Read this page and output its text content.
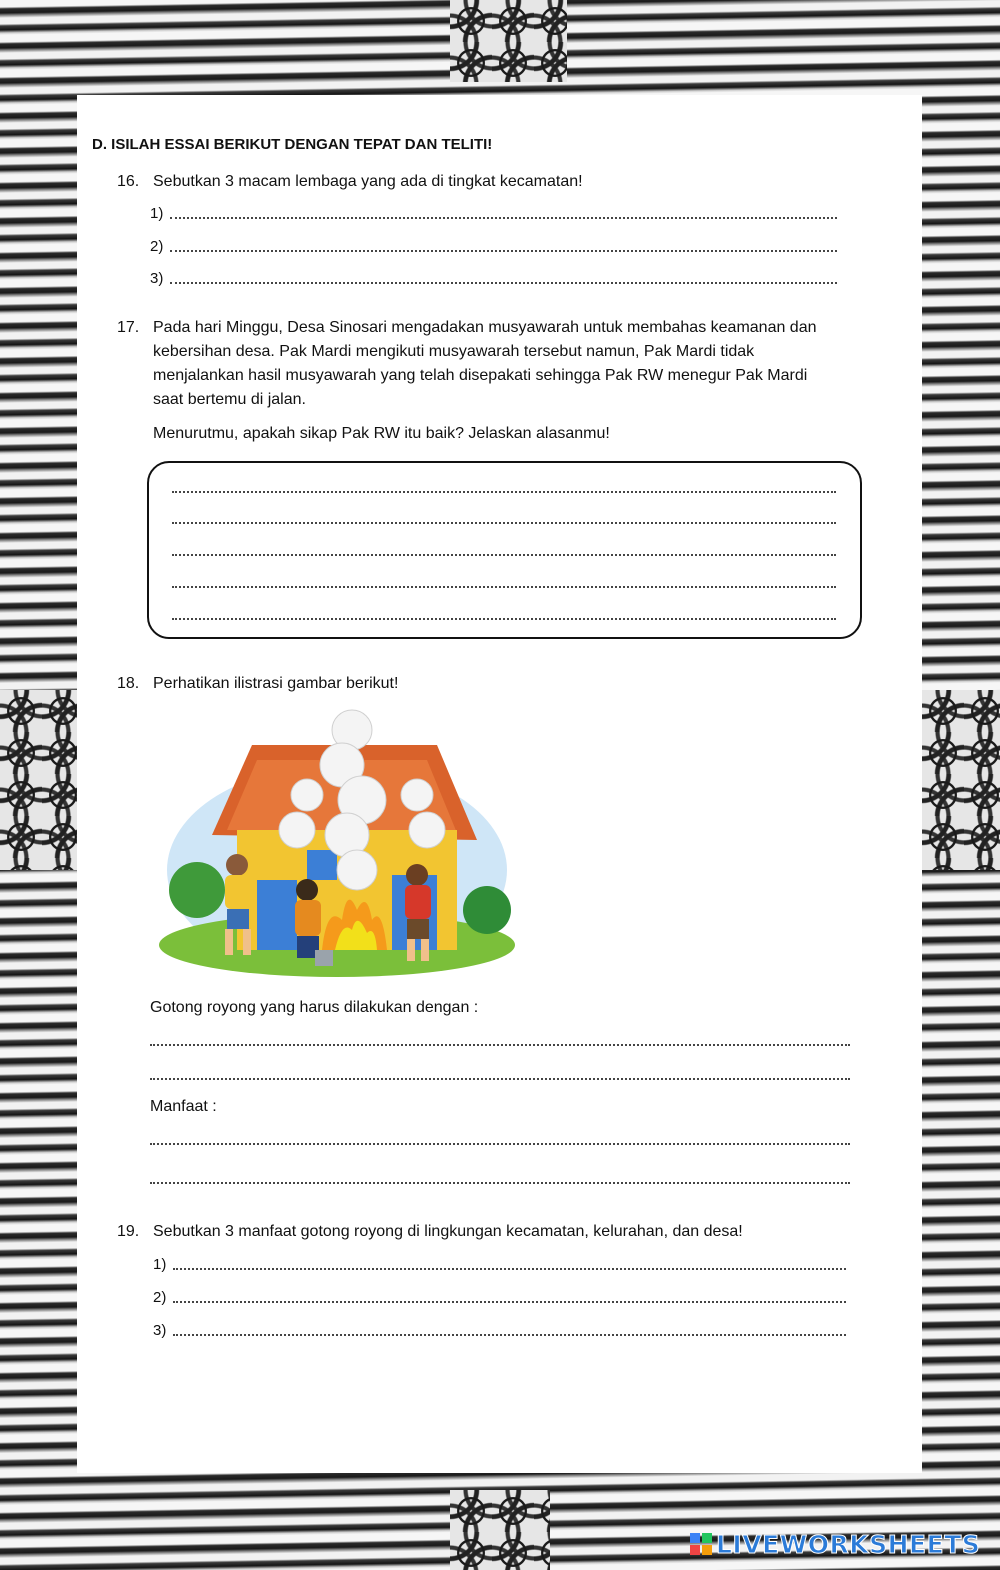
D. ISILAH ESSAI BERIKUT DENGAN TEPAT DAN TELITI!
16. Sebutkan 3 macam lembaga yang ada di tingkat kecamatan!
1)
2)
3)
17. Pada hari Minggu, Desa Sinosari mengadakan musyawarah untuk membahas keamanan dan
kebersihan desa. Pak Mardi mengikuti musyawarah tersebut namun, Pak Mardi tidak
menjalankan hasil musyawarah yang telah disepakati sehingga Pak RW menegur Pak Mardi
saat bertemu di jalan.
Menurutmu, apakah sikap Pak RW itu baik? Jelaskan alasanmu!
18. Perhatikan ilistrasi gambar berikut!
Gotong royong yang harus dilakukan dengan :
Manfaat :
19. Sebutkan 3 manfaat gotong royong di lingkungan kecamatan, kelurahan, dan desa!
1)
2)
3)
LIVEWORKSHEETS
